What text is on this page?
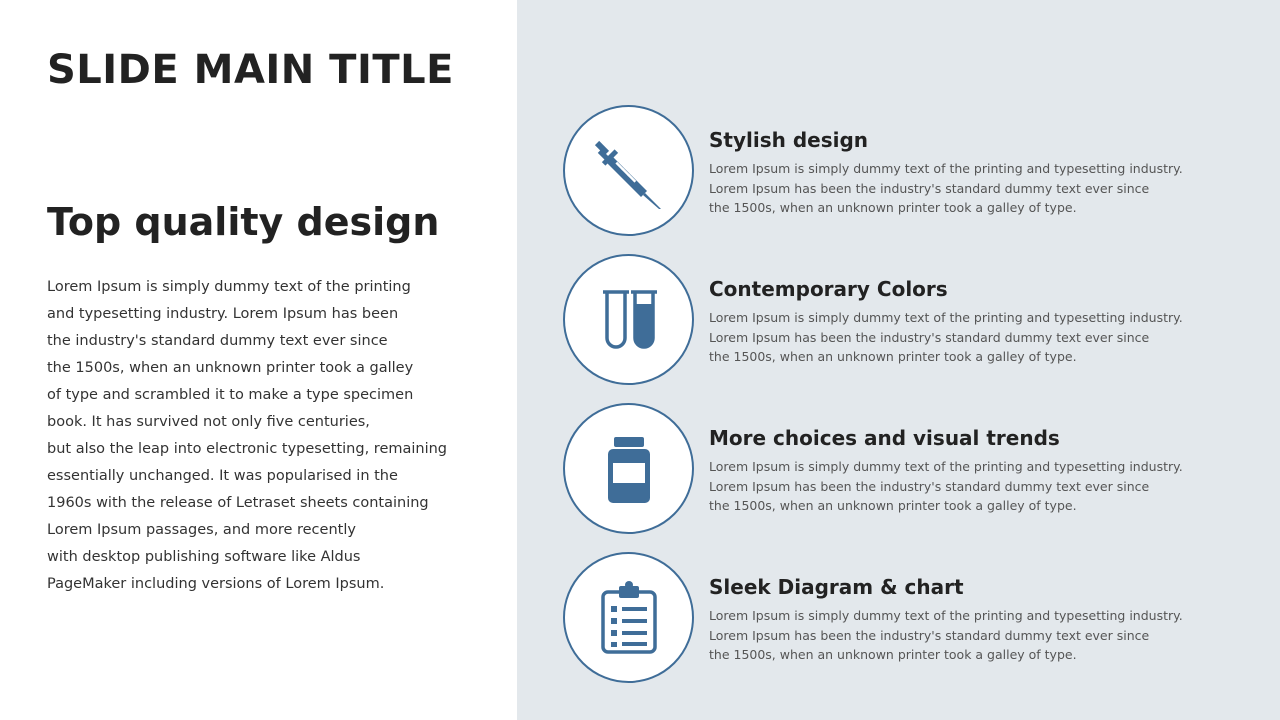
SLIDE MAIN TITLE
Top quality design

Lorem Ipsum is simply dummy text of the printing
and typesetting industry. Lorem Ipsum has been
the industry's standard dummy text ever since
the 1500s, when an unknown printer took a galley
of type and scrambled it to make a type specimen
book. It has survived not only five centuries,
but also the leap into electronic typesetting, remaining
essentially unchanged. It was popularised in the
1960s with the release of Letraset sheets containing
Lorem Ipsum passages, and more recently
with desktop publishing software like Aldus
PageMaker including versions of Lorem Ipsum.

Stylish design

Lorem Ipsum is simply dummy text of the printing and typesetting industry.
Lorem Ipsum has been the industry's standard dummy text ever since
the 1500s, when an unknown printer took a galley of type.

Contemporary Colors

Lorem Ipsum is simply dummy text of the printing and typesetting industry.
Lorem Ipsum has been the industry's standard dummy text ever since
the 1500s, when an unknown printer took a galley of type.

More choices and visual trends

Lorem Ipsum is simply dummy text of the printing and typesetting industry.
Lorem Ipsum has been the industry's standard dummy text ever since
the 1500s, when an unknown printer took a galley of type.

Sleek Diagram & chart

Lorem Ipsum is simply dummy text of the printing and typesetting industry.
Lorem Ipsum has been the industry's standard dummy text ever since
the 1500s, when an unknown printer took a galley of type.
